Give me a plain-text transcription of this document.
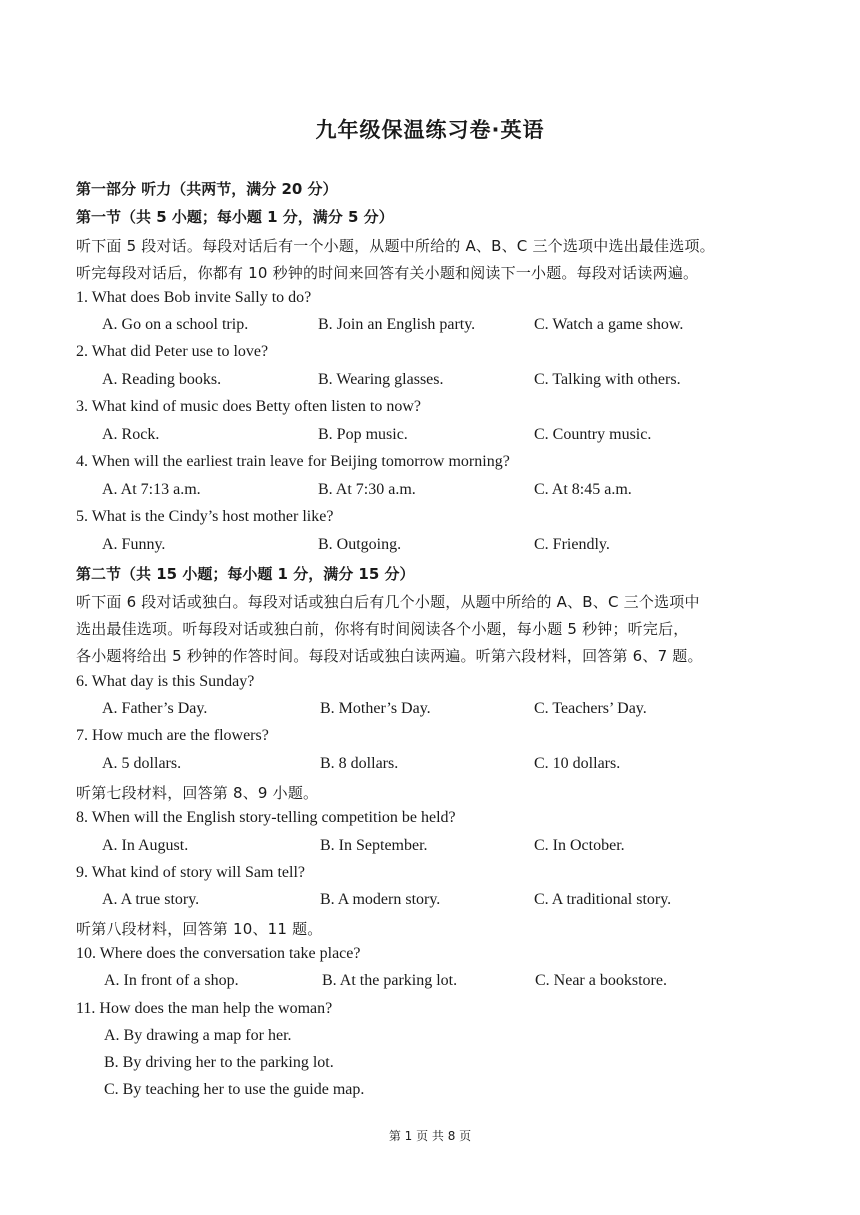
九年级保温练习卷·英语
第一部分 听力（共两节，满分 20 分）
第一节（共 5 小题；每小题 1 分，满分 5 分）
听下面 5 段对话。每段对话后有一个小题，从题中所给的 A、B、C 三个选项中选出最佳选项。
听完每段对话后，你都有 10 秒钟的时间来回答有关小题和阅读下一小题。每段对话读两遍。
1. What does Bob invite Sally to do?
A. Go on a school trip.	B. Join an English party.	C. Watch a game show.
2. What did Peter use to love?
A. Reading books.	B. Wearing glasses.	C. Talking with others.
3. What kind of music does Betty often listen to now?
A. Rock.	B. Pop music.	C. Country music.
4. When will the earliest train leave for Beijing tomorrow morning?
A. At 7:13 a.m.	B. At 7:30 a.m.	C. At 8:45 a.m.
5. What is the Cindy’s host mother like?
A. Funny.	B. Outgoing.	C. Friendly.
第二节（共 15 小题；每小题 1 分，满分 15 分）
听下面 6 段对话或独白。每段对话或独白后有几个小题，从题中所给的 A、B、C 三个选项中
选出最佳选项。听每段对话或独白前，你将有时间阅读各个小题，每小题 5 秒钟；听完后，
各小题将给出 5 秒钟的作答时间。每段对话或独白读两遍。听第六段材料，回答第 6、7 题。
6. What day is this Sunday?
A. Father’s Day.	B. Mother’s Day.	C. Teachers’ Day.
7. How much are the flowers?
A. 5 dollars.	B. 8 dollars.	C. 10 dollars.
听第七段材料，回答第 8、9 小题。
8. When will the English story-telling competition be held?
A. In August.	B. In September.	C. In October.
9. What kind of story will Sam tell?
A. A true story.	B. A modern story.	C. A traditional story.
听第八段材料，回答第 10、11 题。
10. Where does the conversation take place?
A. In front of a shop.	B. At the parking lot.	C. Near a bookstore.
11. How does the man help the woman?
A. By drawing a map for her.
B. By driving her to the parking lot.
C. By teaching her to use the guide map.
第 1 页 共 8 页
